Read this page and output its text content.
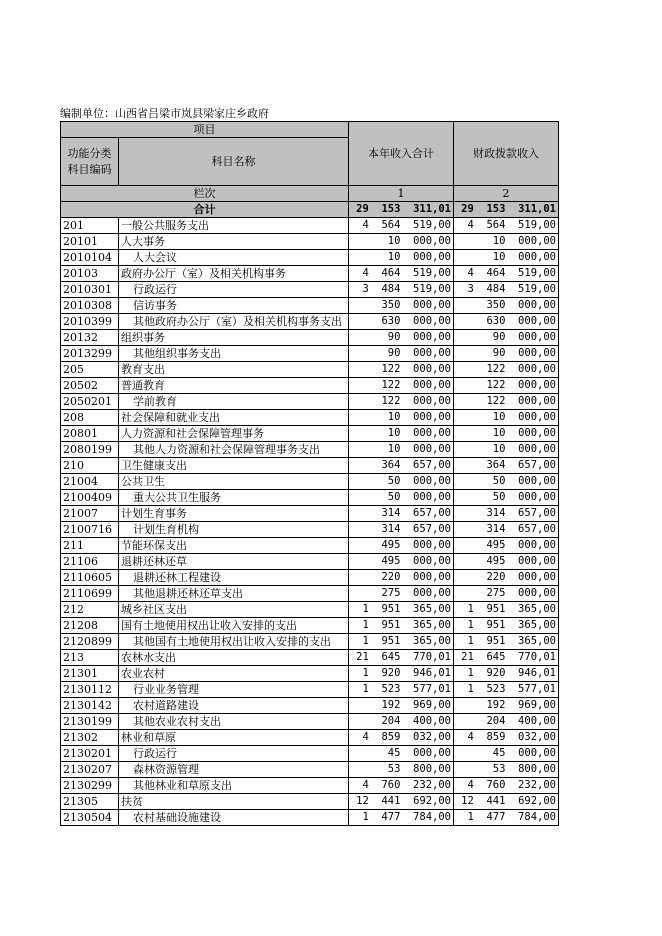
编制单位：山西省吕梁市岚县梁家庄乡政府
项目		本年收入合计	财政拨款收入

功能分类
科目编码	科目名称		
栏次		1	2
合计		29  153  311,01	29  153  311,01
201	一般公共服务支出	4  564  519,00	4  564  519,00
20101	人大事务	10  000,00	10  000,00
2010104	人大会议	10  000,00	10  000,00
20103	政府办公厅（室）及相关机构事务	4  464  519,00	4  464  519,00
2010301	行政运行	3  484  519,00	3  484  519,00
2010308	信访事务	350  000,00	350  000,00
2010399	其他政府办公厅（室）及相关机构事务支出	630  000,00	630  000,00
20132	组织事务	90  000,00	90  000,00
2013299	其他组织事务支出	90  000,00	90  000,00
205	教育支出	122  000,00	122  000,00
20502	普通教育	122  000,00	122  000,00
2050201	学前教育	122  000,00	122  000,00
208	社会保障和就业支出	10  000,00	10  000,00
20801	人力资源和社会保障管理事务	10  000,00	10  000,00
2080199	其他人力资源和社会保障管理事务支出	10  000,00	10  000,00
210	卫生健康支出	364  657,00	364  657,00
21004	公共卫生	50  000,00	50  000,00
2100409	重大公共卫生服务	50  000,00	50  000,00
21007	计划生育事务	314  657,00	314  657,00
2100716	计划生育机构	314  657,00	314  657,00
211	节能环保支出	495  000,00	495  000,00
21106	退耕还林还草	495  000,00	495  000,00
2110605	退耕还林工程建设	220  000,00	220  000,00
2110699	其他退耕还林还草支出	275  000,00	275  000,00
212	城乡社区支出	1  951  365,00	1  951  365,00
21208	国有土地使用权出让收入安排的支出	1  951  365,00	1  951  365,00
2120899	其他国有土地使用权出让收入安排的支出	1  951  365,00	1  951  365,00
213	农林水支出	21  645  770,01	21  645  770,01
21301	农业农村	1  920  946,01	1  920  946,01
2130112	行业业务管理	1  523  577,01	1  523  577,01
2130142	农村道路建设	192  969,00	192  969,00
2130199	其他农业农村支出	204  400,00	204  400,00
21302	林业和草原	4  859  032,00	4  859  032,00
2130201	行政运行	45  000,00	45  000,00
2130207	森林资源管理	53  800,00	53  800,00
2130299	其他林业和草原支出	4  760  232,00	4  760  232,00
21305	扶贫	12  441  692,00	12  441  692,00
2130504	农村基础设施建设	1  477  784,00	1  477  784,00
